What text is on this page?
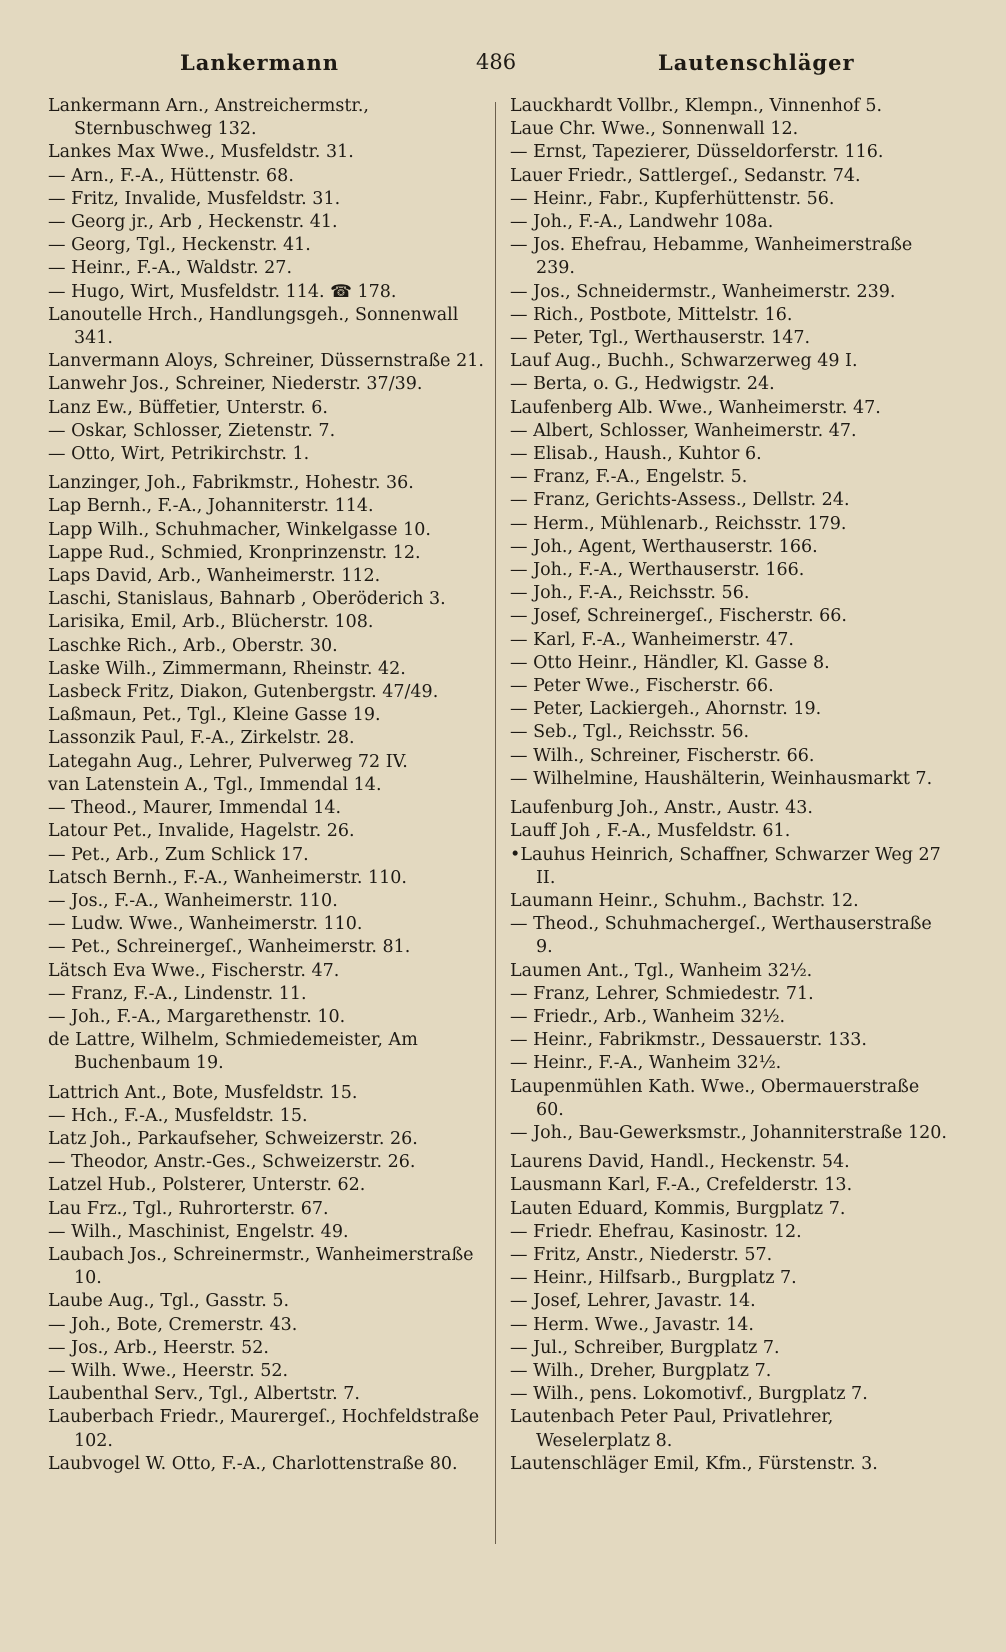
Lankermann	486	Lautenschläger
Lankermann Arn., Anstreichermstr., Sternbuschweg 132.
Lankes Max Wwe., Musfeldstr. 31.
— Arn., F.-A., Hüttenstr. 68.
— Fritz, Invalide, Musfeldstr. 31.
— Georg jr., Arb , Heckenstr. 41.
— Georg, Tgl., Heckenstr. 41.
— Heinr., F.-A., Waldstr. 27.
— Hugo, Wirt, Musfeldstr. 114. ☎ 178.
Lanoutelle Hrch., Handlungsgeh., Sonnenwall 341.
Lanvermann Aloys, Schreiner, Düssernstraße 21.
Lanwehr Jos., Schreiner, Niederstr. 37/39.
Lanz Ew., Büffetier, Unterstr. 6.
— Oskar, Schlosser, Zietenstr. 7.
— Otto, Wirt, Petrikirchstr. 1.
Lanzinger, Joh., Fabrikmstr., Hohestr. 36.
Lap Bernh., F.-A., Johanniterstr. 114.
Lapp Wilh., Schuhmacher, Winkelgasse 10.
Lappe Rud., Schmied, Kronprinzenstr. 12.
Laps David, Arb., Wanheimerstr. 112.
Laschi, Stanislaus, Bahnarb , Oberöderich 3.
Larisika, Emil, Arb., Blücherstr. 108.
Laschke Rich., Arb., Oberstr. 30.
Laske Wilh., Zimmermann, Rheinstr. 42.
Lasbeck Fritz, Diakon, Gutenbergstr. 47/49.
Laßmaun, Pet., Tgl., Kleine Gasse 19.
Lassonzik Paul, F.-A., Zirkelstr. 28.
Lategahn Aug., Lehrer, Pulverweg 72 IV.
van Latenstein A., Tgl., Immendal 14.
— Theod., Maurer, Immendal 14.
Latour Pet., Invalide, Hagelstr. 26.
— Pet., Arb., Zum Schlick 17.
Latsch Bernh., F.-A., Wanheimerstr. 110.
— Jos., F.-A., Wanheimerstr. 110.
— Ludw. Wwe., Wanheimerstr. 110.
— Pet., Schreinergeſ., Wanheimerstr. 81.
Lätsch Eva Wwe., Fischerstr. 47.
— Franz, F.-A., Lindenstr. 11.
— Joh., F.-A., Margarethenstr. 10.
de Lattre, Wilhelm, Schmiedemeister, Am Buchenbaum 19.
Lattrich Ant., Bote, Musfeldstr. 15.
— Hch., F.-A., Musfeldstr. 15.
Latz Joh., Parkaufseher, Schweizerstr. 26.
— Theodor, Anstr.-Ges., Schweizerstr. 26.
Latzel Hub., Polsterer, Unterstr. 62.
Lau Frz., Tgl., Ruhrorterstr. 67.
— Wilh., Maschinist, Engelstr. 49.
Laubach Jos., Schreinermstr., Wanheimerstraße 10.
Laube Aug., Tgl., Gasstr. 5.
— Joh., Bote, Cremerstr. 43.
— Jos., Arb., Heerstr. 52.
— Wilh. Wwe., Heerstr. 52.
Laubenthal Serv., Tgl., Albertstr. 7.
Lauberbach Friedr., Maurergeſ., Hochfeldstraße 102.
Laubvogel W. Otto, F.-A., Charlottenstraße 80.
Lauckhardt Vollbr., Klempn., Vinnenhof 5.
Laue Chr. Wwe., Sonnenwall 12.
— Ernst, Tapezierer, Düsseldorferstr. 116.
Lauer Friedr., Sattlergeſ., Sedanstr. 74.
— Heinr., Fabr., Kupferhüttenstr. 56.
— Joh., F.-A., Landwehr 108a.
— Jos. Ehefrau, Hebamme, Wanheimerstraße 239.
— Jos., Schneidermstr., Wanheimerstr. 239.
— Rich., Postbote, Mittelstr. 16.
— Peter, Tgl., Werthauserstr. 147.
Lauf Aug., Buchh., Schwarzerweg 49 I.
— Berta, o. G., Hedwigstr. 24.
Laufenberg Alb. Wwe., Wanheimerstr. 47.
— Albert, Schlosser, Wanheimerstr. 47.
— Elisab., Haush., Kuhtor 6.
— Franz, F.-A., Engelstr. 5.
— Franz, Gerichts-Assess., Dellstr. 24.
— Herm., Mühlenarb., Reichsstr. 179.
— Joh., Agent, Werthauserstr. 166.
— Joh., F.-A., Werthauserstr. 166.
— Joh., F.-A., Reichsstr. 56.
— Josef, Schreinergeſ., Fischerstr. 66.
— Karl, F.-A., Wanheimerstr. 47.
— Otto Heinr., Händler, Kl. Gasse 8.
— Peter Wwe., Fischerstr. 66.
— Peter, Lackiergeh., Ahornstr. 19.
— Seb., Tgl., Reichsstr. 56.
— Wilh., Schreiner, Fischerstr. 66.
— Wilhelmine, Haushälterin, Weinhausmarkt 7.
Laufenburg Joh., Anstr., Austr. 43.
Lauff Joh , F.-A., Musfeldstr. 61.
•Lauhus Heinrich, Schaffner, Schwarzer Weg 27 II.
Laumann Heinr., Schuhm., Bachstr. 12.
— Theod., Schuhmachergeſ., Werthauserstraße 9.
Laumen Ant., Tgl., Wanheim 32½.
— Franz, Lehrer, Schmiedestr. 71.
— Friedr., Arb., Wanheim 32½.
— Heinr., Fabrikmstr., Dessauerstr. 133.
— Heinr., F.-A., Wanheim 32½.
Laupenmühlen Kath. Wwe., Obermauerstraße 60.
— Joh., Bau-Gewerksmstr., Johanniterstraße 120.
Laurens David, Handl., Heckenstr. 54.
Lausmann Karl, F.-A., Crefelderstr. 13.
Lauten Eduard, Kommis, Burgplatz 7.
— Friedr. Ehefrau, Kasinostr. 12.
— Fritz, Anstr., Niederstr. 57.
— Heinr., Hilfsarb., Burgplatz 7.
— Josef, Lehrer, Javastr. 14.
— Herm. Wwe., Javastr. 14.
— Jul., Schreiber, Burgplatz 7.
— Wilh., Dreher, Burgplatz 7.
— Wilh., pens. Lokomotivf., Burgplatz 7.
Lautenbach Peter Paul, Privatlehrer, Weselerplatz 8.
Lautenschläger Emil, Kfm., Fürstenstr. 3.
